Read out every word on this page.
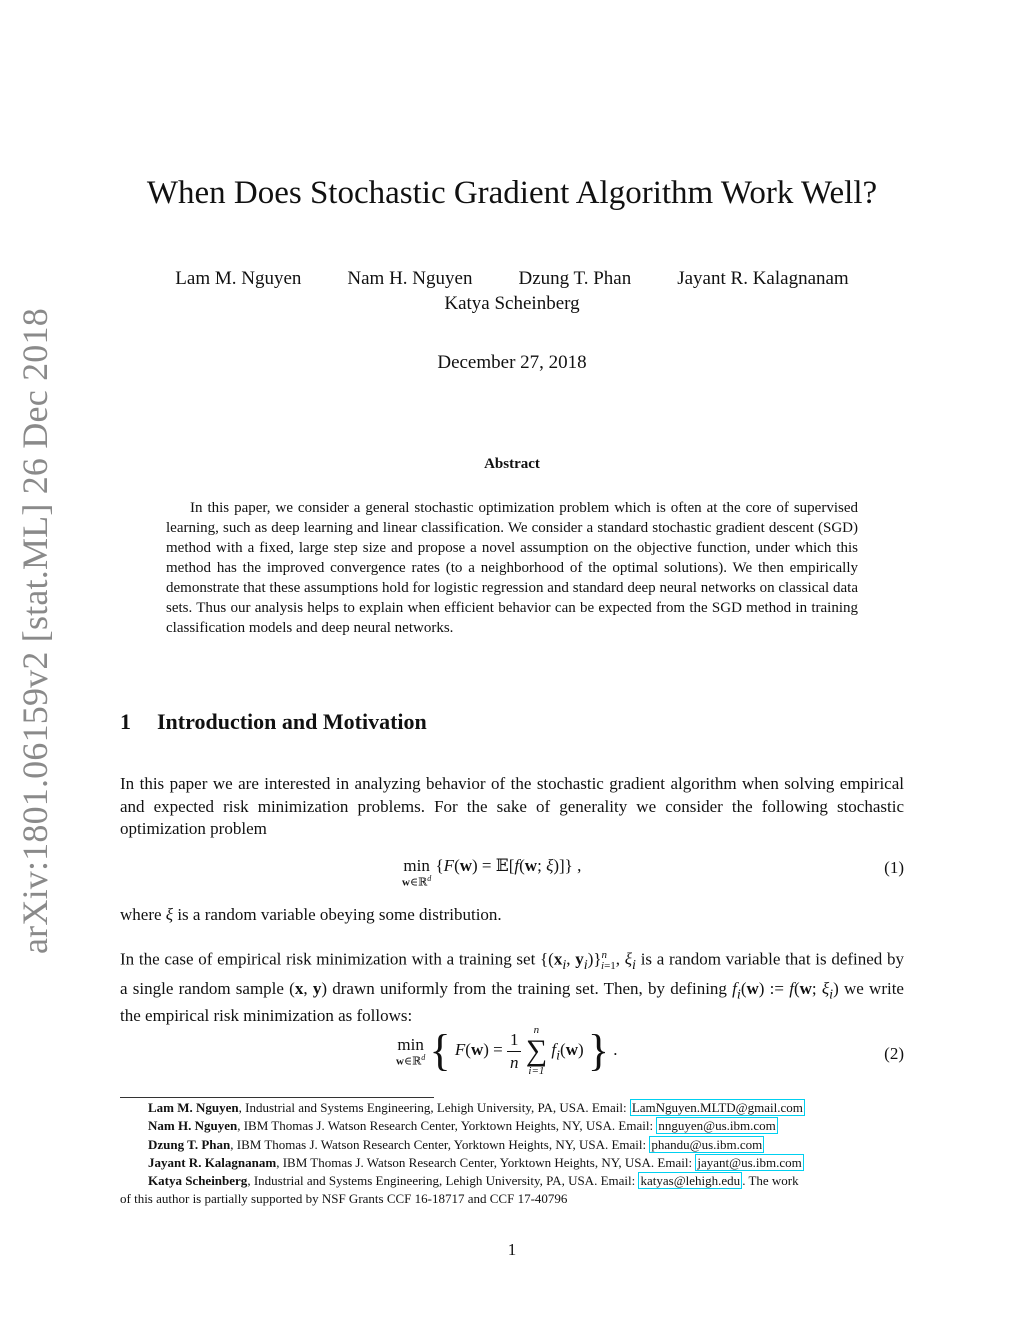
arXiv:1801.06159v2 [stat.ML] 26 Dec 2018
When Does Stochastic Gradient Algorithm Work Well?
Lam M. Nguyen Nam H. Nguyen Dzung T. Phan Jayant R. Kalagnanam
Katya Scheinberg
December 27, 2018
Abstract

In this paper, we consider a general stochastic optimization problem which is often at the core of supervised learning, such as deep learning and linear classification. We consider a standard stochastic gradient descent (SGD) method with a fixed, large step size and propose a novel assumption on the objective function, under which this method has the improved convergence rates (to a neighborhood of the optimal solutions). We then empirically demonstrate that these assumptions hold for logistic regression and standard deep neural networks on classical data sets. Thus our analysis helps to explain when efficient behavior can be expected from the SGD method in training classification models and deep neural networks.

1 Introduction and Motivation

In this paper we are interested in analyzing behavior of the stochastic gradient algorithm when solving empirical and expected risk minimization problems. For the sake of generality we consider the following stochastic optimization problem

min
w∈ℝ$^d$
{F(w) = 𝔼[f(w; ξ)]} ,	(1)

where ξ is a random variable obeying some distribution.

In the case of empirical risk minimization with a training set {($x_i$, $y_i)\}^n_{i=1}$, $\xi_i$ is a random variable that is defined by a single random sample (x, y) drawn uniformly from the training set. Then, by defining $f_i(w)$ := f(w; $\xi_i$) we write the empirical risk minimization as follows:

min
w∈ℝ$^d$ { $F(w) = \frac{1}{n}$
n
∑
i=1
$f_i(w)$ } .	(2)
Lam M. Nguyen, Industrial and Systems Engineering, Lehigh University, PA, USA. Email: LamNguyen.MLTD@gmail.com
Nam H. Nguyen, IBM Thomas J. Watson Research Center, Yorktown Heights, NY, USA. Email: nnguyen@us.ibm.com
Dzung T. Phan, IBM Thomas J. Watson Research Center, Yorktown Heights, NY, USA. Email: phandu@us.ibm.com
Jayant R. Kalagnanam, IBM Thomas J. Watson Research Center, Yorktown Heights, NY, USA. Email: jayant@us.ibm.com
Katya Scheinberg, Industrial and Systems Engineering, Lehigh University, PA, USA. Email: katyas@lehigh.edu . The work
of this author is partially supported by NSF Grants CCF 16-18717 and CCF 17-40796
1
